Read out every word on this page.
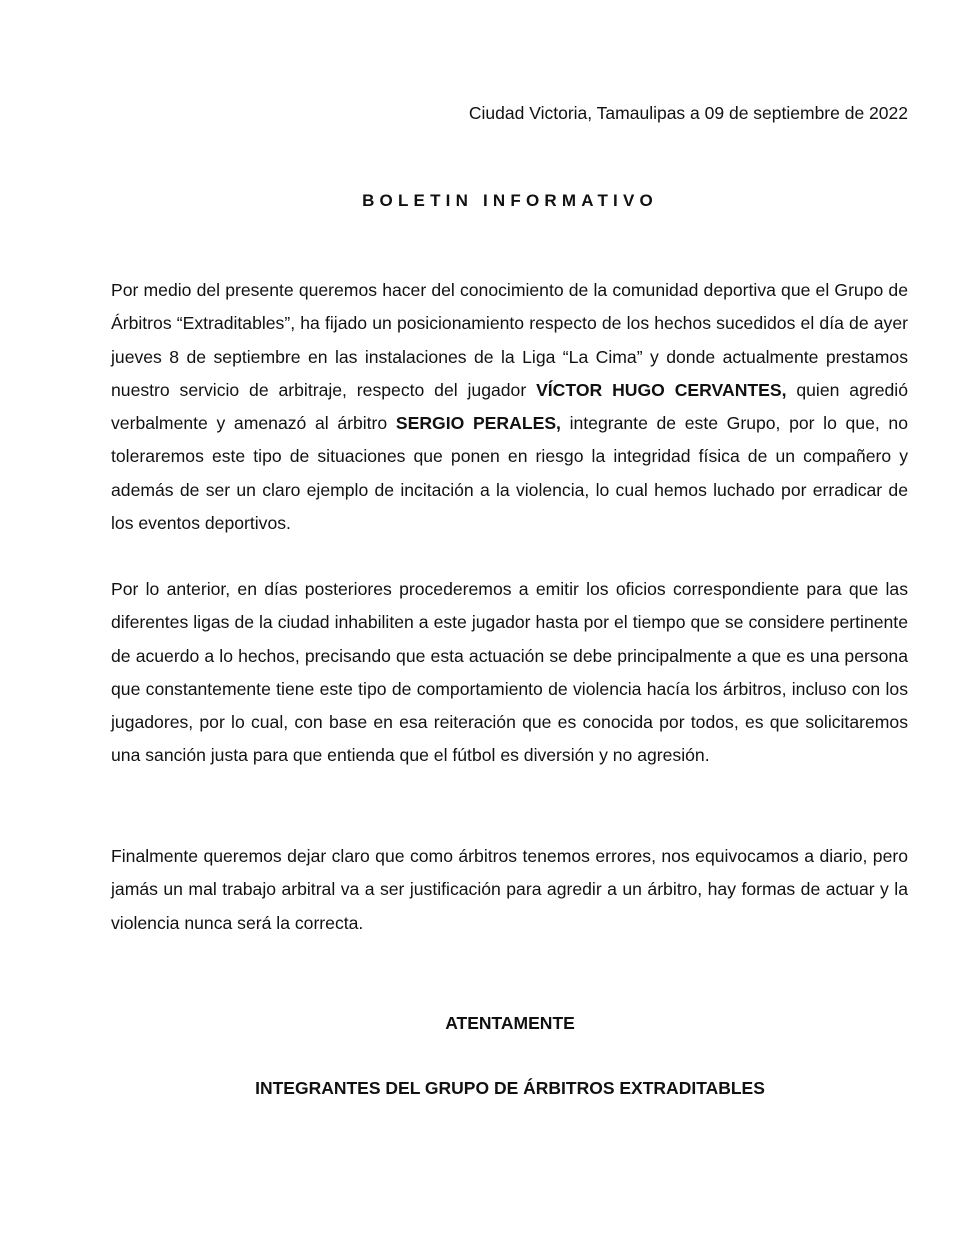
Ciudad Victoria, Tamaulipas a 09 de septiembre de 2022
BOLETIN INFORMATIVO

Por medio del presente queremos hacer del conocimiento de la comunidad deportiva que el Grupo de Árbitros “Extraditables”, ha fijado un posicionamiento respecto de los hechos sucedidos el día de ayer jueves 8 de septiembre en las instalaciones de la Liga “La Cima” y donde actualmente prestamos nuestro servicio de arbitraje, respecto del jugador VÍCTOR HUGO CERVANTES, quien agredió verbalmente y amenazó al árbitro SERGIO PERALES, integrante de este Grupo, por lo que, no toleraremos este tipo de situaciones que ponen en riesgo la integridad física de un compañero y además de ser un claro ejemplo de incitación a la violencia, lo cual hemos luchado por erradicar de los eventos deportivos.

Por lo anterior, en días posteriores procederemos a emitir los oficios correspondiente para que las diferentes ligas de la ciudad inhabiliten a este jugador hasta por el tiempo que se considere pertinente de acuerdo a lo hechos, precisando que esta actuación se debe principalmente a que es una persona que constantemente tiene este tipo de comportamiento de violencia hacía los árbitros, incluso con los jugadores, por lo cual, con base en esa reiteración que es conocida por todos, es que solicitaremos una sanción justa para que entienda que el fútbol es diversión y no agresión.

Finalmente queremos dejar claro que como árbitros tenemos errores, nos equivocamos a diario, pero jamás un mal trabajo arbitral va a ser justificación para agredir a un árbitro, hay formas de actuar y la violencia nunca será la correcta.

ATENTAMENTE
INTEGRANTES DEL GRUPO DE ÁRBITROS EXTRADITABLES
